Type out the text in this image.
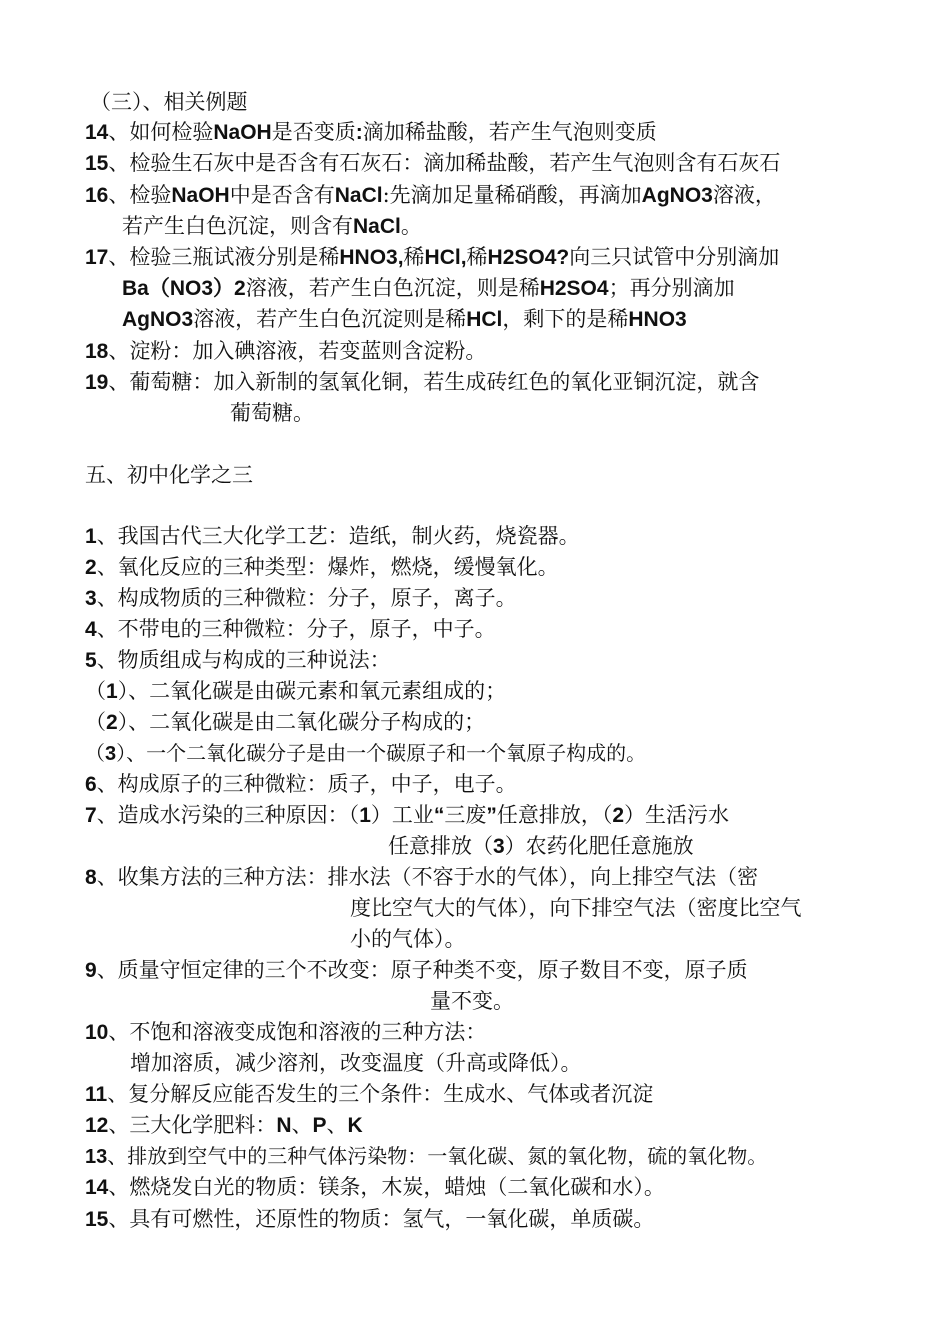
（三）、相关例题
14、如何检验NaOH是否变质:滴加稀盐酸，若产生气泡则变质
15、检验生石灰中是否含有石灰石：滴加稀盐酸，若产生气泡则含有石灰石
16、检验NaOH中是否含有NaCl:先滴加足量稀硝酸，再滴加AgNO3溶液，
若产生白色沉淀，则含有NaCl。
17、检验三瓶试液分别是稀HNO3,稀HCl,稀H2SO4?向三只试管中分别滴加
Ba（NO3）2溶液，若产生白色沉淀，则是稀H2SO4；再分别滴加
AgNO3溶液，若产生白色沉淀则是稀HCl，剩下的是稀HNO3
18、淀粉：加入碘溶液，若变蓝则含淀粉。
19、葡萄糖：加入新制的氢氧化铜，若生成砖红色的氧化亚铜沉淀，就含
葡萄糖。
五、初中化学之三
1、我国古代三大化学工艺：造纸，制火药，烧瓷器。
2、氧化反应的三种类型：爆炸，燃烧，缓慢氧化。
3、构成物质的三种微粒：分子，原子，离子。
4、不带电的三种微粒：分子，原子，中子。
5、物质组成与构成的三种说法：
（1）、二氧化碳是由碳元素和氧元素组成的；
（2）、二氧化碳是由二氧化碳分子构成的；
（3）、一个二氧化碳分子是由一个碳原子和一个氧原子构成的。
6、构成原子的三种微粒：质子，中子，电子。
7、造成水污染的三种原因：（1）工业“三废”任意排放，（2）生活污水
任意排放（3）农药化肥任意施放
8、收集方法的三种方法：排水法（不容于水的气体），向上排空气法（密
度比空气大的气体），向下排空气法（密度比空气
小的气体）。
9、质量守恒定律的三个不改变：原子种类不变，原子数目不变，原子质
量不变。
10、不饱和溶液变成饱和溶液的三种方法：
增加溶质，减少溶剂，改变温度（升高或降低）。
11、复分解反应能否发生的三个条件：生成水、气体或者沉淀
12、三大化学肥料：N、P、K
13、排放到空气中的三种气体污染物：一氧化碳、氮的氧化物，硫的氧化物。
14、燃烧发白光的物质：镁条，木炭，蜡烛（二氧化碳和水）。
15、具有可燃性，还原性的物质：氢气，一氧化碳，单质碳。
